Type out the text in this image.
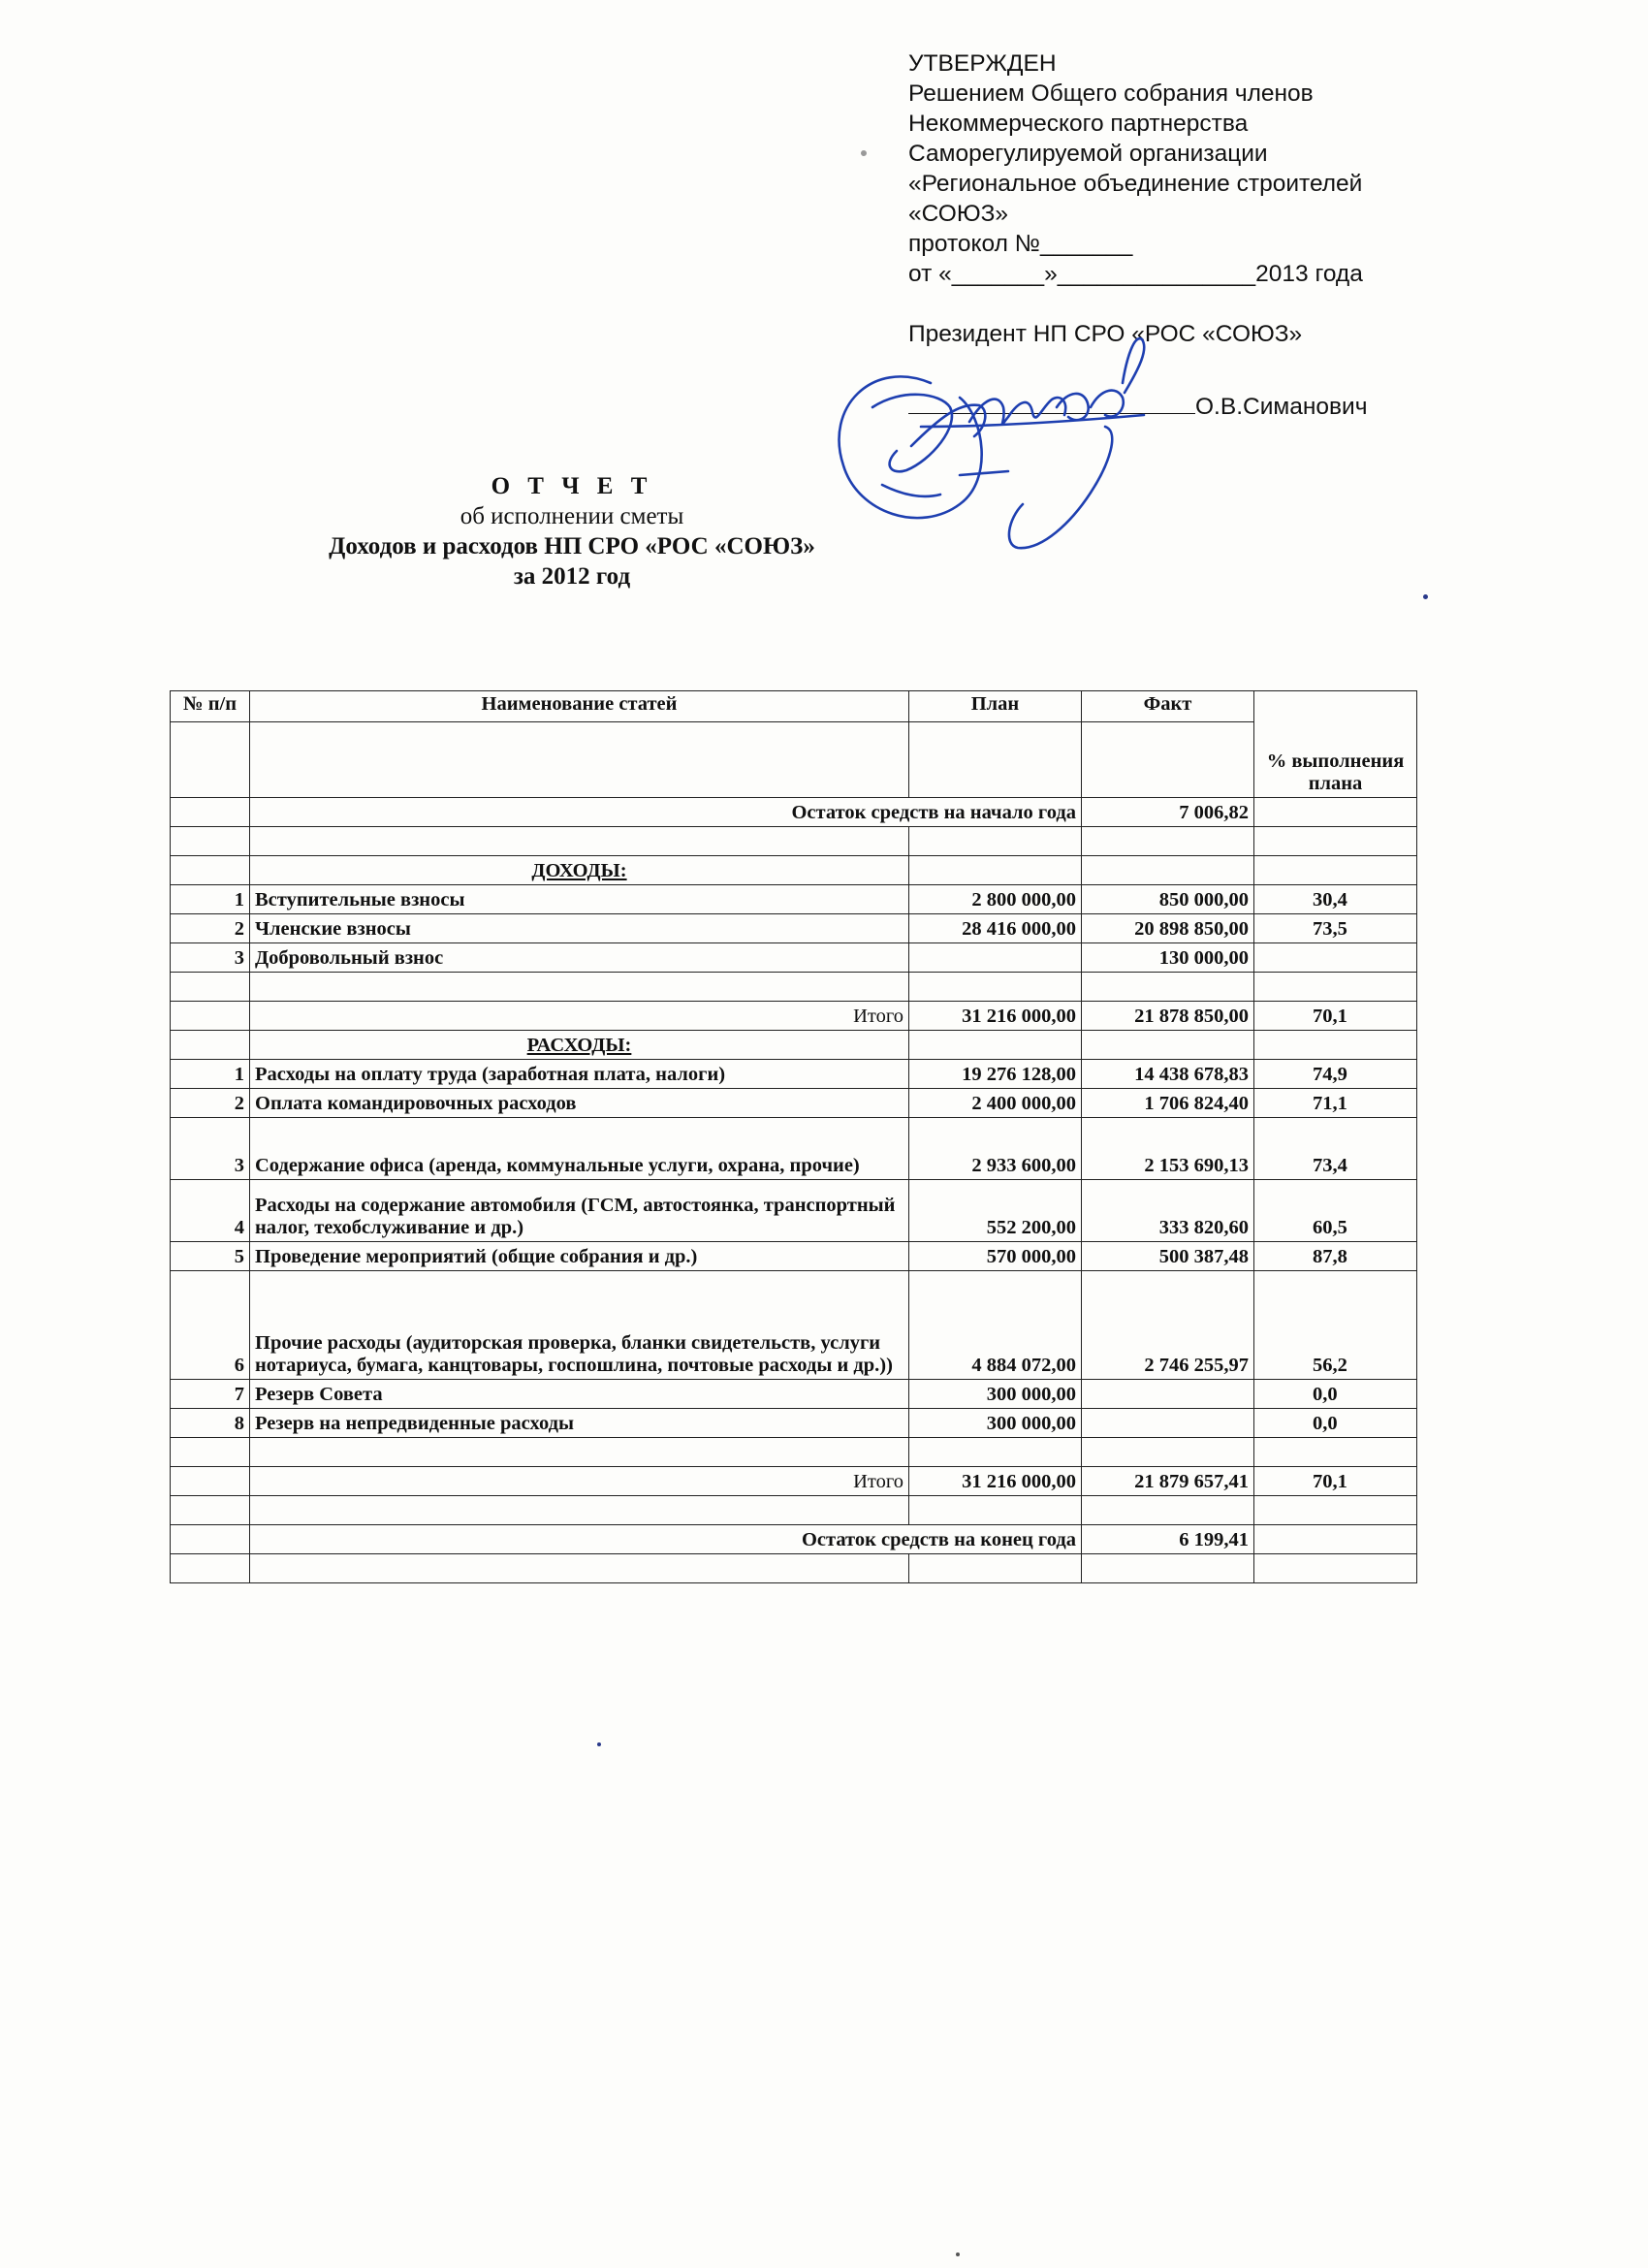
УТВЕРЖДЕН
Решением Общего собрания членов
Некоммерческого партнерства
Саморегулируемой организации
«Региональное объединение строителей
«СОЮЗ»
протокол №_______
от «_______»_______________2013 года
Президент НП СРО «РОС «СОЮЗ»
О.В.Симанович
О Т Ч Е Т
об исполнении сметы
Доходов и расходов НП СРО «РОС «СОЮЗ»
за 2012 год
№ п/п	Наименование статей	План	Факт	% выполнения плана

	Остаток средств на начало года		7 006,82	

	ДОХОДЫ:			
1	Вступительные взносы	2 800 000,00	850 000,00	30,4
2	Членские взносы	28 416 000,00	20 898 850,00	73,5
3	Добровольный взнос		130 000,00	

	Итого	31 216 000,00	21 878 850,00	70,1
	РАСХОДЫ:			
1	Расходы на оплату труда (заработная плата, налоги)	19 276 128,00	14 438 678,83	74,9
2	Оплата командировочных расходов	2 400 000,00	1 706 824,40	71,1
3	Содержание офиса (аренда, коммунальные услуги, охрана, прочие)	2 933 600,00	2 153 690,13	73,4
4	Расходы на содержание автомобиля (ГСМ, автостоянка, транспортный налог, техобслуживание и др.)	552 200,00	333 820,60	60,5
5	Проведение мероприятий (общие собрания и др.)	570 000,00	500 387,48	87,8
6	Прочие расходы (аудиторская проверка, бланки свидетельств, услуги нотариуса, бумага, канцтовары, госпошлина, почтовые расходы и др.))	4 884 072,00	2 746 255,97	56,2
7	Резерв Совета	300 000,00		0,0
8	Резерв на непредвиденные расходы	300 000,00		0,0

	Итого	31 216 000,00	21 879 657,41	70,1

	Остаток средств на конец года		6 199,41	
